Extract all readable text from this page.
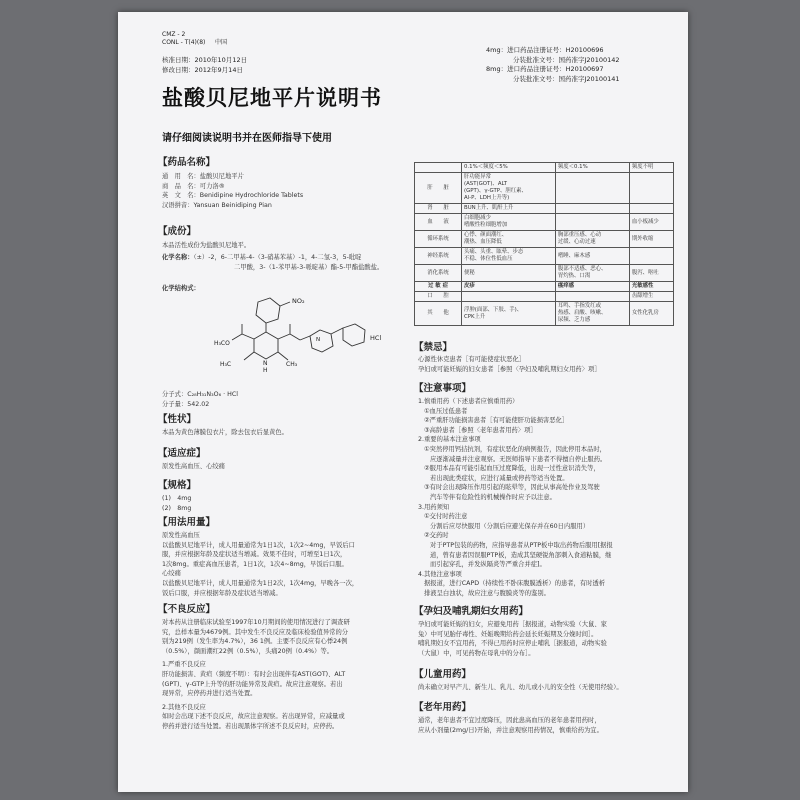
CMZ - 2
CONL - T(4)(8) 中国
核准日期：2010年10月12日
修改日期：2012年9月14日
4mg：进口药品注册证号：H20100696
分装批准文号：国药准字J20100142
8mg：进口药品注册证号：H20100697
分装批准文号：国药准字J20100141
盐酸贝尼地平片说明书
请仔细阅读说明书并在医师指导下使用
【 药品名称 】
通　用　名：盐酸贝尼地平片
商　品　名：可力洛®
英　文　名：Benidipine Hydrochloride Tablets
汉语拼音：Yansuan Beinidiping Pian
【 成份 】
本品活性成份为盐酸贝尼地平。
化学名称：（±）-2，6-二甲基-4-（3-硝基苯基）-1，4-二氢-3，5-吡啶
二甲酸，3-（1-苯甲基-3-哌啶基）酯-5-甲酯盐酸盐。
化学结构式：
NO₂
H₃CO
H₃C	CH₃
N
H
N	HCl
分子式：C₂₈H₃₁N₃O₆ · HCl
分子量：542.02
【 性状 】
本品为黄色薄膜包衣片，除去包衣后显黄色。
【 适应症 】
原发性高血压、心绞痛
【 规格 】
(1)　4mg
(2)　8mg
【 用法用量 】
原发性高血压
以盐酸贝尼地平计，成人用量通常为1日1次，1次2~4mg，早饭后口
服，并应根据年龄及症状适当增减。效果不佳时，可增至1日1次，
1次8mg。重症高血压患者，1日1次，1次4~8mg，早饭后口服。
心绞痛
以盐酸贝尼地平计，成人用量通常为1日2次，1次4mg，早晚各一次，
饭后口服，并应根据年龄及症状适当增减。
【 不良反应 】
对本药从注册临床试验至1997年10月期间的使用情况进行了调查研
究，总样本量为4679例。其中发生不良反应及临床检验值异常的分
别为219例（发生率为4.7%），36 1例。主要不良反应有心悸24例
（0.5%），颜面潮红22例（0.5%），头痛20例（0.4%）等。
1.严重不良反应
肝功能损害、黄疸（频度不明）：有时会出现伴有AST(GOT)、ALT
(GPT)、γ-GTP上升等的肝功能异常及黄疸。故应注意观察。若出
现异常，应停药并进行适当处置。
2.其他不良反应
如时会出现下述不良反应，故应注意观察。若出现异常，应减量或
停药并进行适当处置。若出现黑体字所述不良反应时，应停药。
	0.1%＜频度＜5%	频度＜0.1%	频度不明
肝　　脏	肝功能异常
(AST(GOT)、ALT
(GPT)、γ-GTP、胆红素、
Al-P、LDH上升等)		
肾　　脏	BUN上升、肌酐上升		
血　　液	白细胞减少
嗜酸性粒细胞增加		血小板减少
循环系统	心悸、颜面潮红、
潮热、血压降低	胸部重压感、心动
过缓、心动过速	期外收缩
神经系统	头痛、头重、眩晕、步态
不稳、体位性低血压	嗜睡、麻木感	
消化系统	便秘	腹部不适感、恶心、
胃灼热、口渴	腹泻、呕吐
过 敏 症	皮疹	瘙痒感	光敏感性
口　　腔			齿龈增生
其　　他	浮肿(面部、下肢、手)、
CPK上升	耳鸣、手指发红或
热感、肩酸、咳嗽、
尿频、乏力感	女性化乳房
【 禁忌 】
心源性休克患者［有可能使症状恶化］
孕妇或可能妊娠的妇女患者［参照〈孕妇及哺乳期妇女用药〉项］
【 注意事项 】
1.慎重用药（下述患者应慎重用药）
①血压过低患者
②严重肝功能损害患者［有可能使肝功能损害恶化］
③高龄患者［参照〈老年患者用药〉项］
2.重要的基本注意事项
①突然停用钙拮抗剂，有症状恶化的病例报告，因此停用本品时，
应逐渐减量并注意观察。无医师指导下患者不得擅自停止服药。
②服用本品有可能引起血压过度降低，出现一过性意识消失等，
若出现此类症状，应进行减量或停药等适当处置。
③有时会出现降压作用引起的眩晕等，因此从事高处作业及驾驶
汽车等伴有危险性的机械操作时应予以注意。
3.用药须知
①交付时药注意
分割后应尽快服用（分割后应避光保存并在60日内服用）
②交药时
对于PTP包装的药物，应指导患者从PTP板中取出药物后服用[据报
道，曾有患者因误服PTP板，造成其坚硬锐角部刺入食道粘膜，继
而引起穿孔，并发纵隔炎等严重合并症]。
4.其他注意事项
据报道，进行CAPD（持续性不卧床腹膜透析）的患者，有时透析
排液呈白浊状，故应注意与腹膜炎等的鉴别。
【 孕妇及哺乳期妇女用药 】
孕妇或可能妊娠的妇女，应避免用药［据报道，动物实验（大鼠、家
兔）中可见胎仔毒性、妊娠晚期给药会延长妊娠期及分娩时间］。
哺乳期妇女不宜用药，不得已用药时应停止哺乳［据报道，动物实验
（大鼠）中，可见药物在母乳中的分布］。
【 儿童用药 】
尚未确立对早产儿、新生儿、乳儿、幼儿或小儿的安全性（无使用经验）。
【 老年用药 】
通常，老年患者不宜过度降压，因此患高血压的老年患者用药时，
应从小剂量(2mg/日)开始，并注意观察用药情况，慎重给药为宜。
